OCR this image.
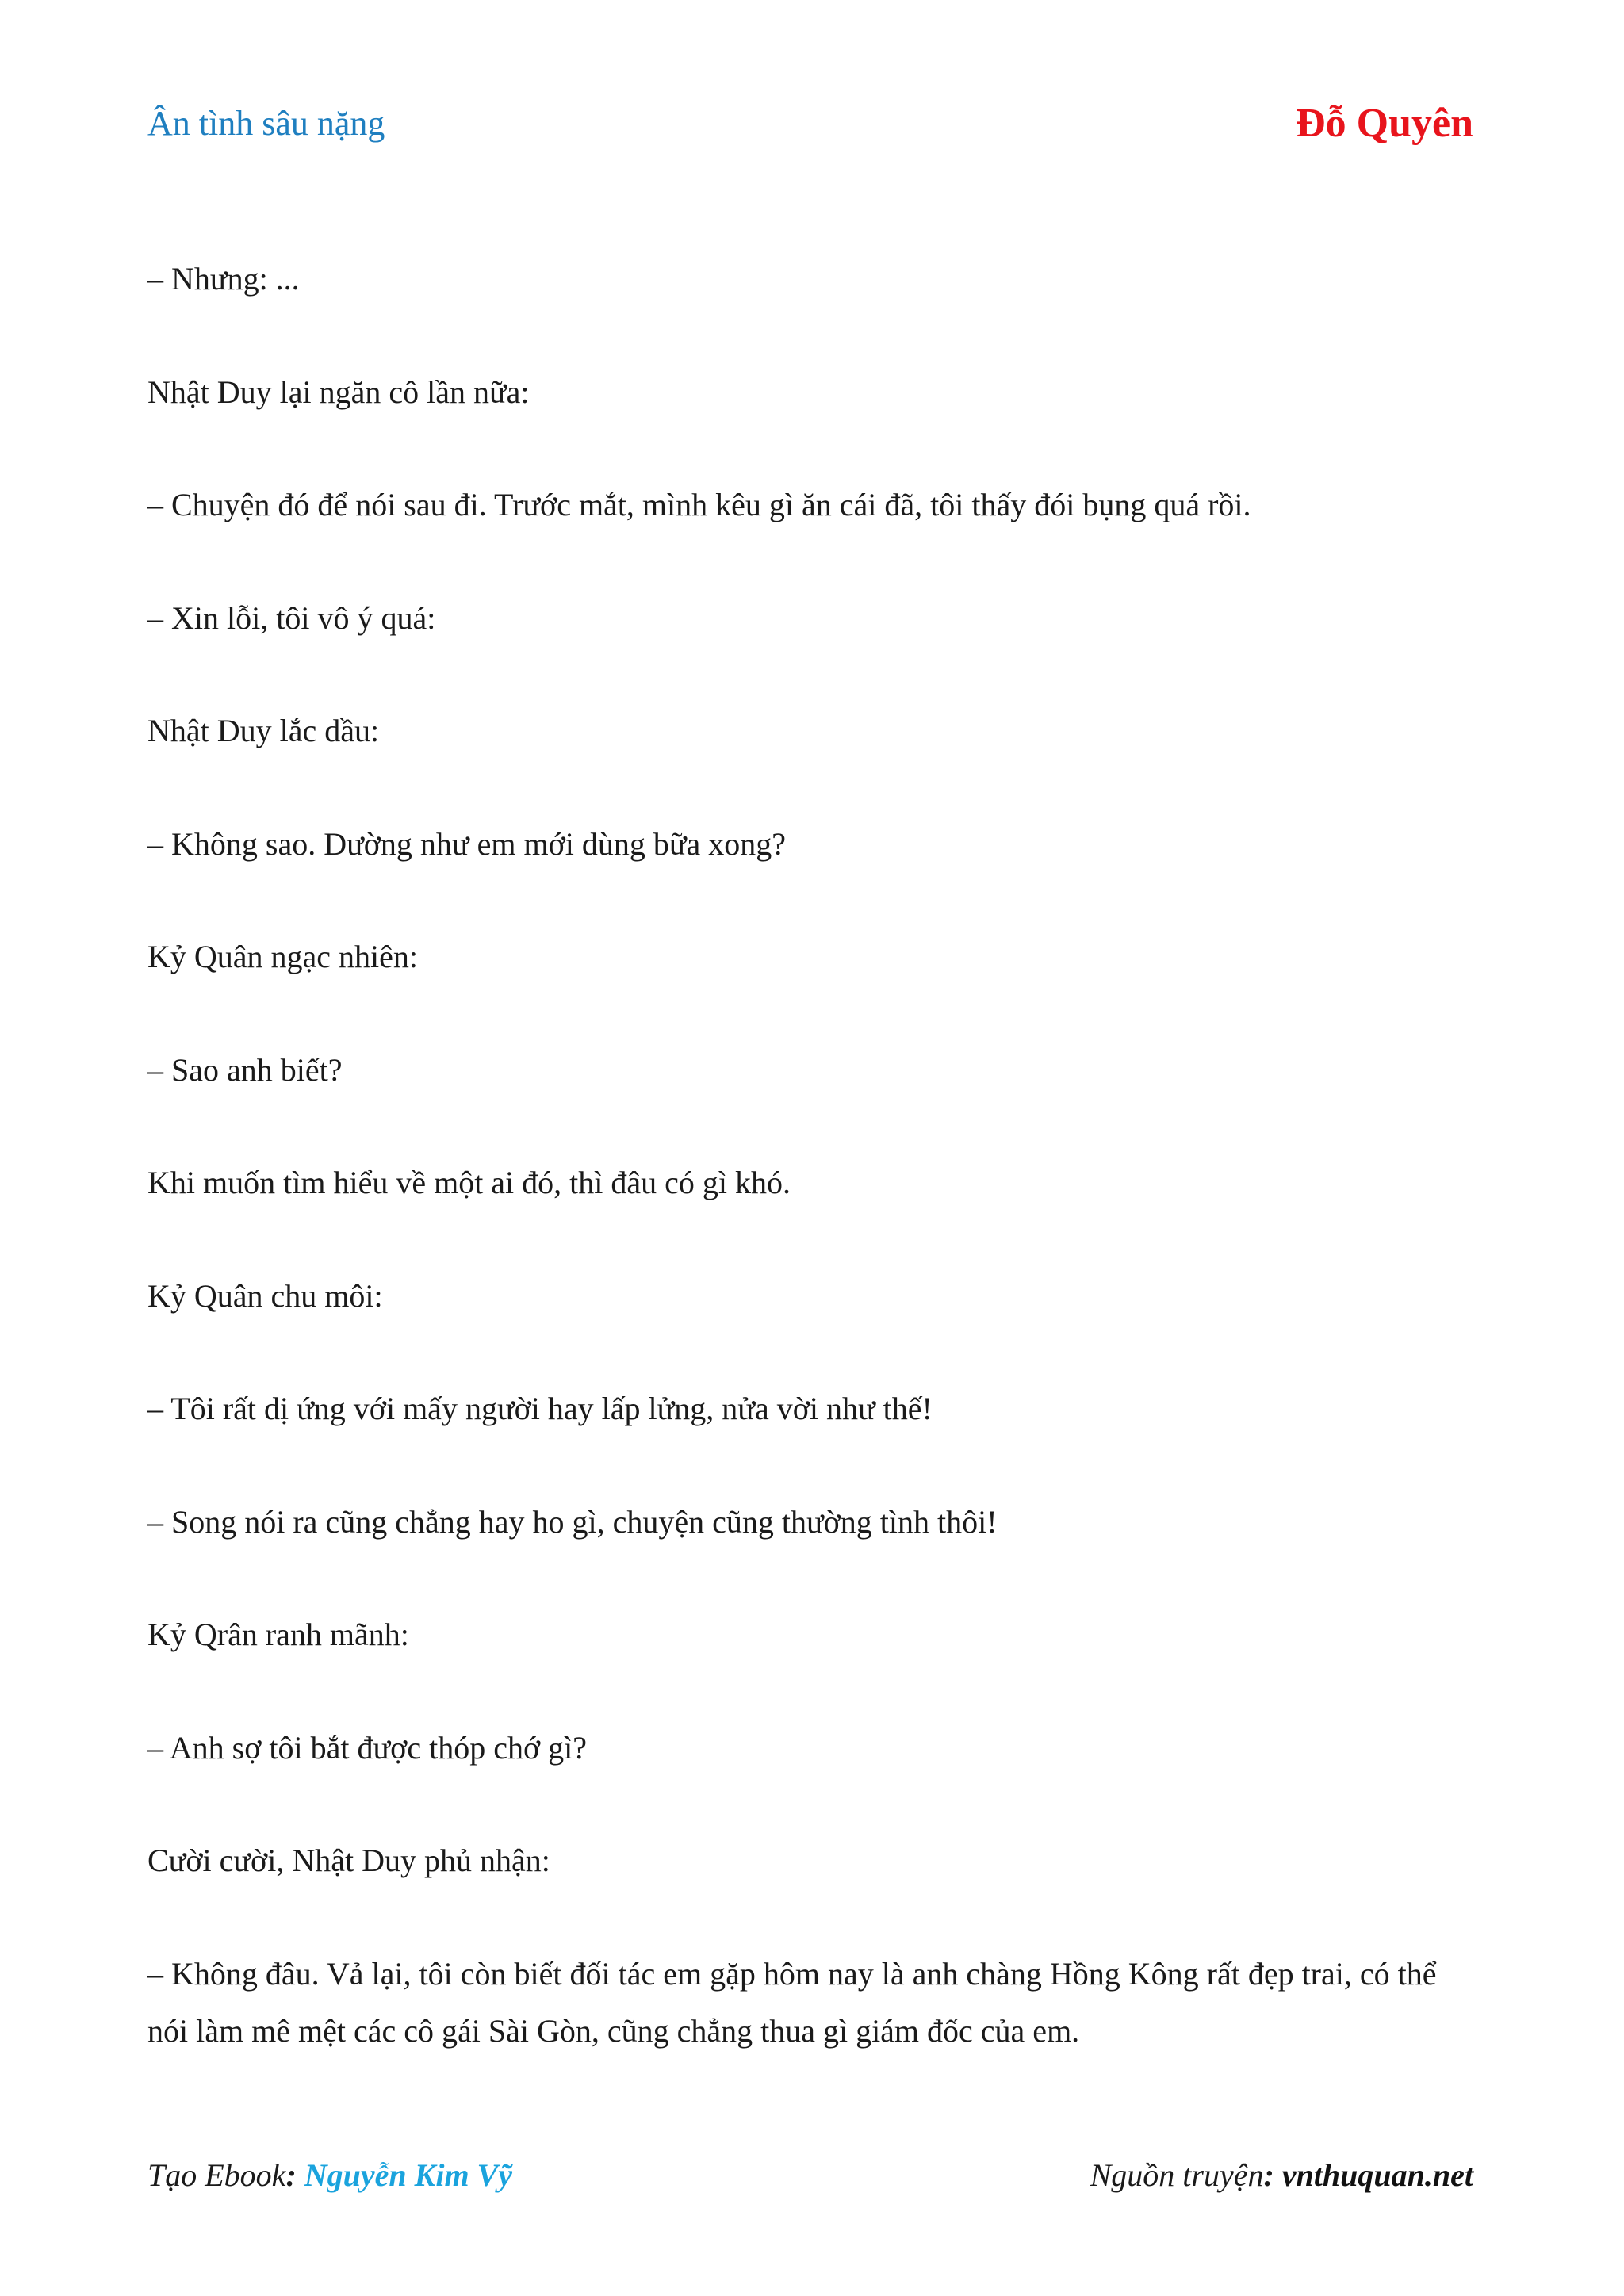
Ân tình sâu nặng	Đỗ Quyên

– Nhưng: ...

Nhật Duy lại ngăn cô lần nữa:

– Chuyện đó để nói sau đi. Trước mắt, mình kêu gì ăn cái đã, tôi thấy đói bụng quá rồi.

– Xin lỗi, tôi vô ý quá:

Nhật Duy lắc dầu:

– Không sao. Dường như em mới dùng bữa xong?

Kỷ Quân ngạc nhiên:

– Sao anh biết?

Khi muốn tìm hiểu về một ai đó, thì đâu có gì khó.

Kỷ Quân chu môi:

– Tôi rất dị ứng với mấy người hay lấp lửng, nửa vời như thế!

– Song nói ra cũng chẳng hay ho gì, chuyện cũng thường tình thôi!

Kỷ Qrân ranh mãnh:

– Anh sợ tôi bắt được thóp chớ gì?

Cười cười, Nhật Duy phủ nhận:

– Không đâu. Vả lại, tôi còn biết đối tác em gặp hôm nay là anh chàng Hồng Kông rất đẹp trai, có thể nói làm mê mệt các cô gái Sài Gòn, cũng chẳng thua gì giám đốc của em.

Tạo Ebook: Nguyễn Kim Vỹ	Nguồn truyện: vnthuquan.net
